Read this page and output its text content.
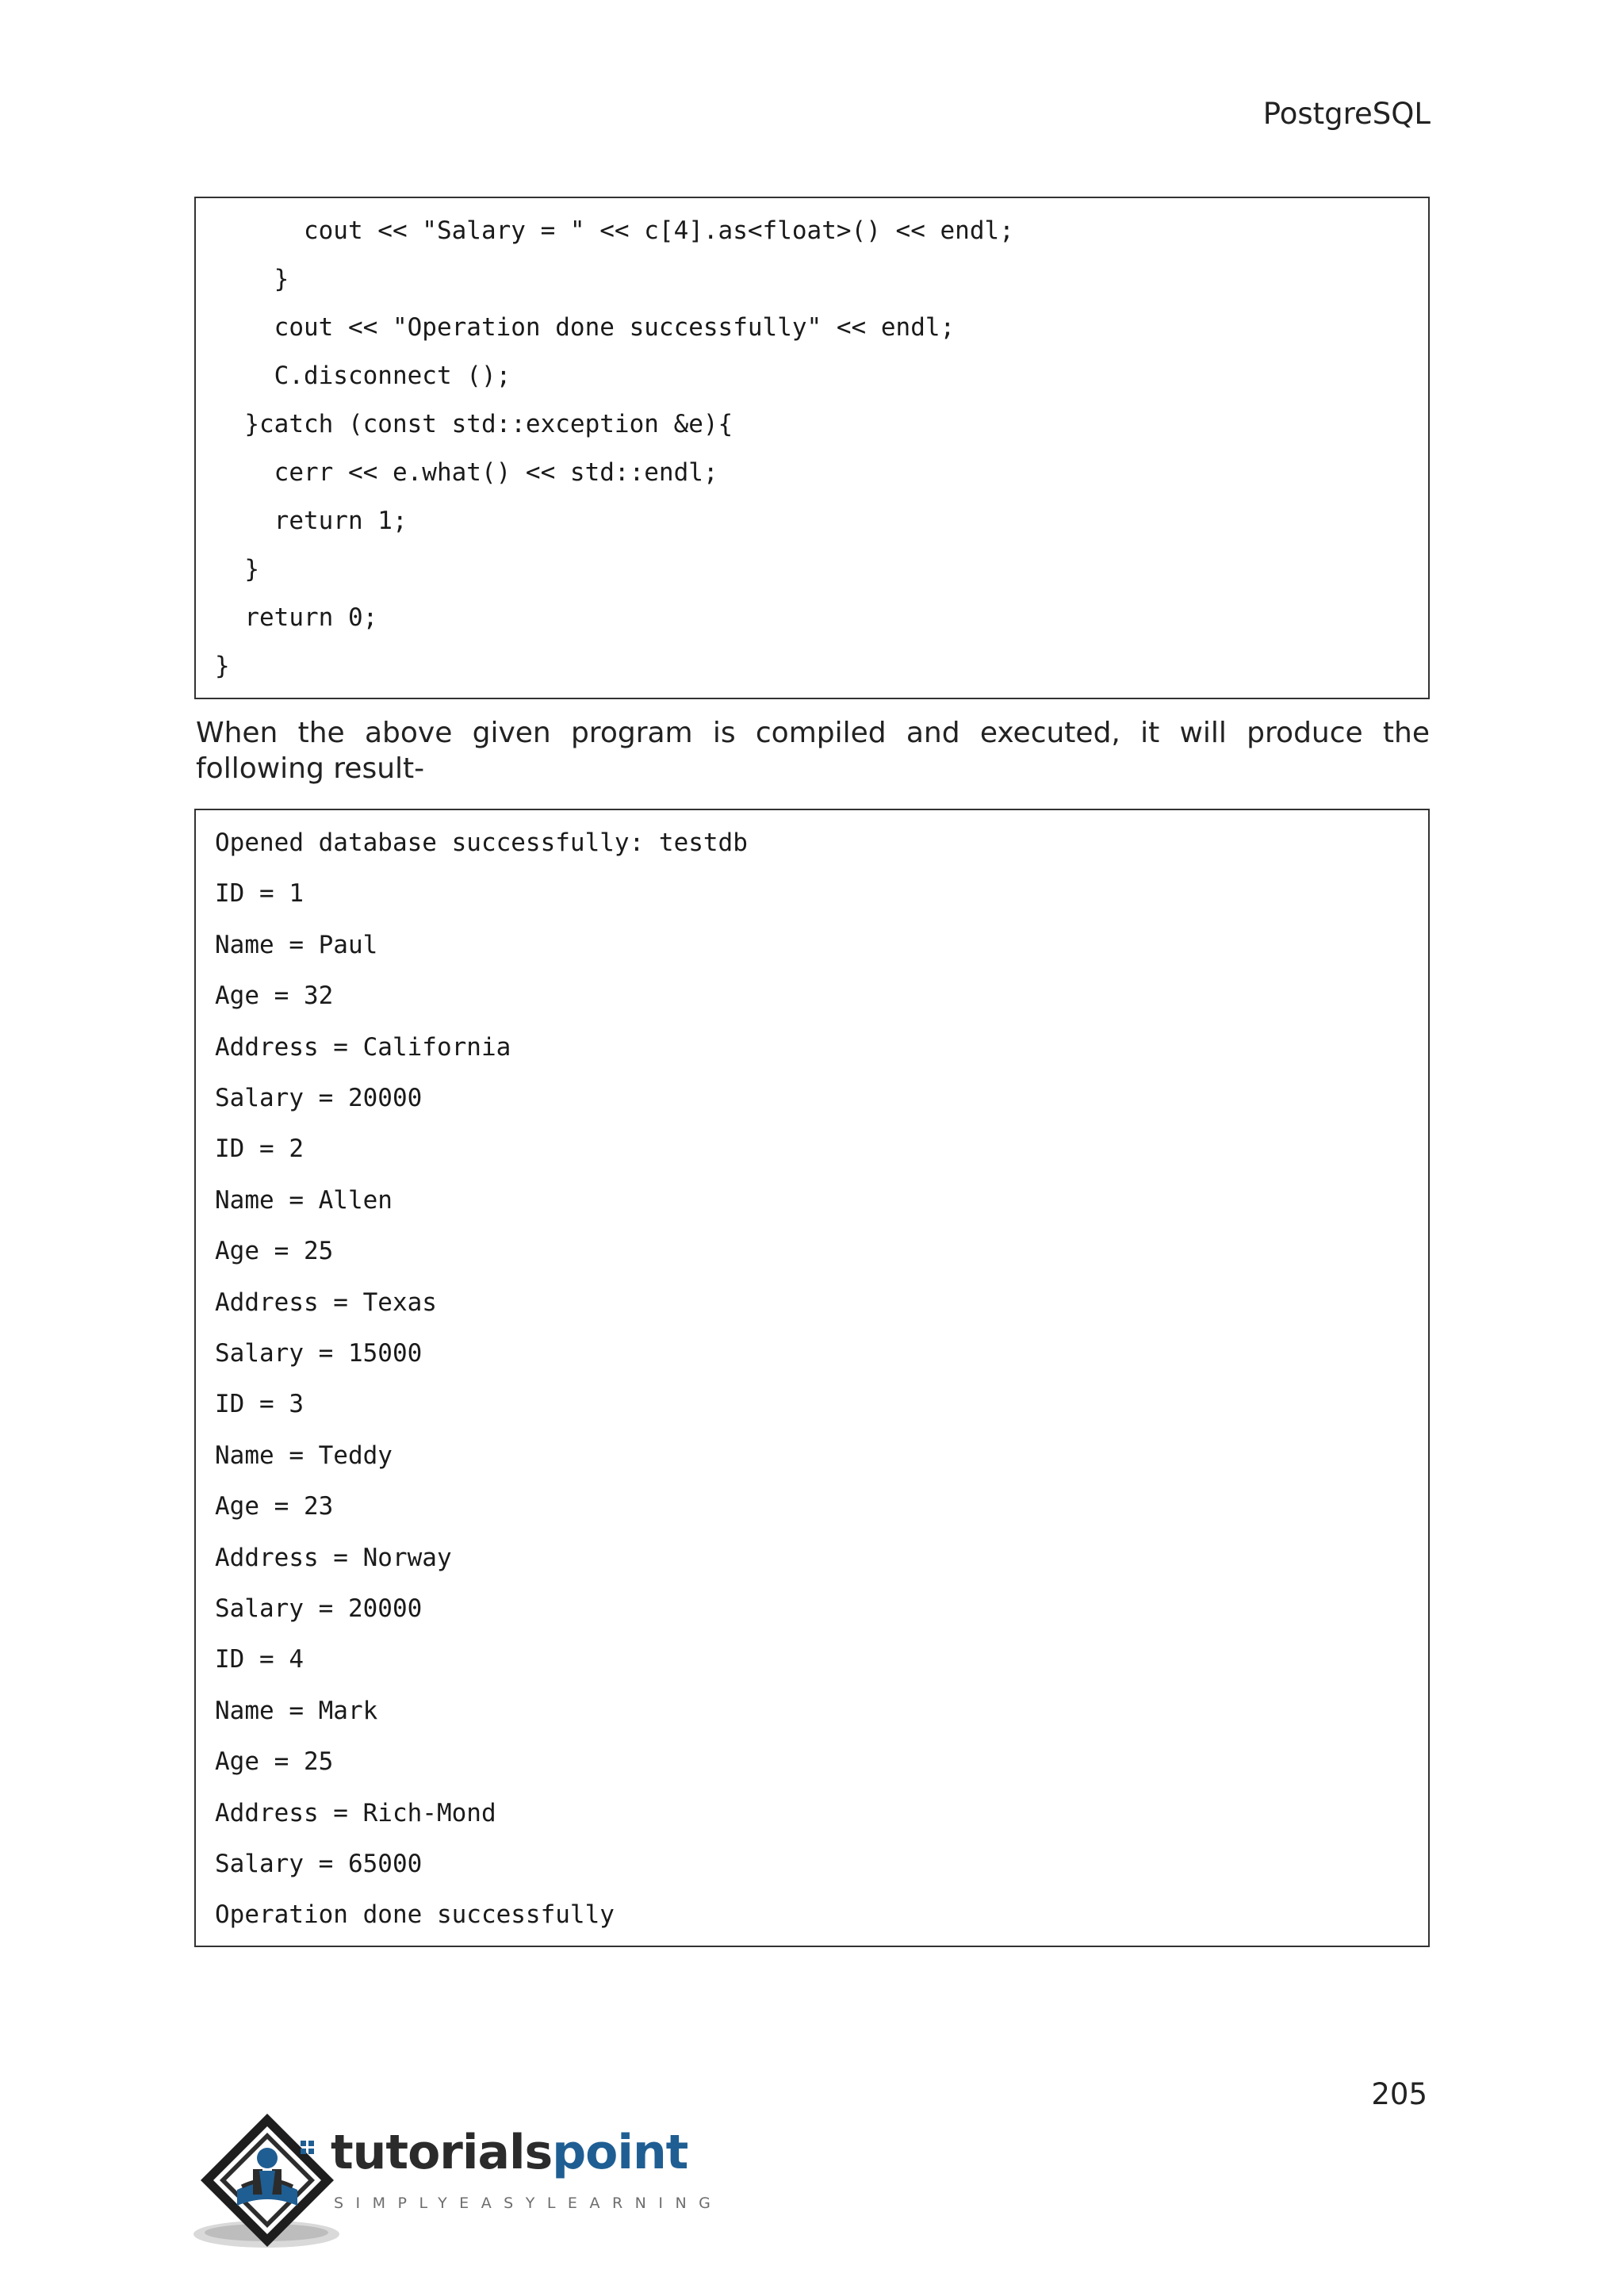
PostgreSQL
cout << "Salary = " << c[4].as<float>() << endl;
}
cout << "Operation done successfully" << endl;
C.disconnect ();
}catch (const std::exception &e){
cerr << e.what() << std::endl;
return 1;
}
return 0;
}
When the above given program is compiled and executed, it will produce the following result-
Opened database successfully: testdb
ID = 1
Name = Paul
Age = 32
Address = California
Salary = 20000
ID = 2
Name = Allen
Age = 25
Address = Texas
Salary = 15000
ID = 3
Name = Teddy
Age = 23
Address = Norway
Salary = 20000
ID = 4
Name = Mark
Age = 25
Address = Rich-Mond
Salary = 65000
Operation done successfully
205
tutorialspoint
SIMPLYEASYLEARNING
